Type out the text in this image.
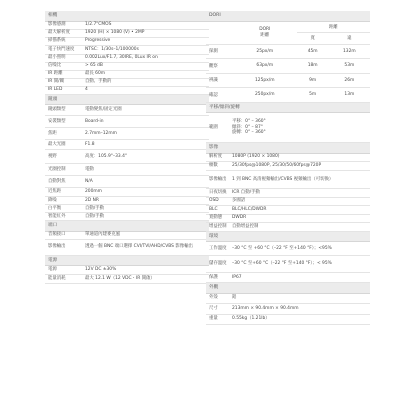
相機
影像感測	1/2.7"CMOS
最大解析度	1920 (H) × 1080 (V) • 2MP
掃描系統	Progressive
電子快門速度	NTSC：1/30s–1/100000s
最小照明	0.002Lux/F1.7, 30IRE, 0Lux IR on
信噪比	> 65 dB
IR 距離	最長 60m
IR 開/關	自動、手動的
IR LED	4
鏡頭
鏡頭類型	電動變焦/固定光圈
安裝類型	Board-in
焦距	2.7mm–12mm
最大光圈	F1.8
視野	高度：105.9°–33.4°
光圈控制	電動
自動對焦	N/A
近焦距	200mm
降噪	2D NR
白平衡	自動/手動
智能紅外	自動/手動
端口
音頻接口	單通道內建麥克風
影像輸出	透過一個 BNC 端口選擇 CVI/TVI/AHD/CVBS 影像輸出
電源
電源	12V DC ±30%
能量消耗	最大 12.1 W（12 VDC・IR 開啟）
DORI
	DORI
距離	距離	
		寬	遠
探測	25px/m	45m	132m
觀察	63px/m	18m	53m
辨識	125px/m	9m	26m
確認	250px/m	5m	13m
平移/傾斜/旋轉
範圍
平移：0° – 360°
傾斜：0° – 87°
旋轉：0° – 360°
影像
解析度	1080P (1920 × 1080)
幀數	25/30fps@1080P, 25/30/50/60fps@720P
影像輸出	1 到 BNC 高清視頻輸出/CVBS 視頻輸出（可切換）
日夜切換	ICR 自動/手動
OSD	多國語
BLC	BLC/HLC/DWDR
寬動態	DWDR
增益控制	自動增益控制
環境
工作溫度	–30 °C 至 +60 °C（–22 °F 至+140 °F）；<95%
儲存溫度	–30 °C 至+60 °C（–22 °F 至+140 °F）；< 95%
保護	IP67
外觀
外殼	鋁
尺寸	213mm × 90.4mm × 90.4mm
重量	0.55kg（1.21lb）
